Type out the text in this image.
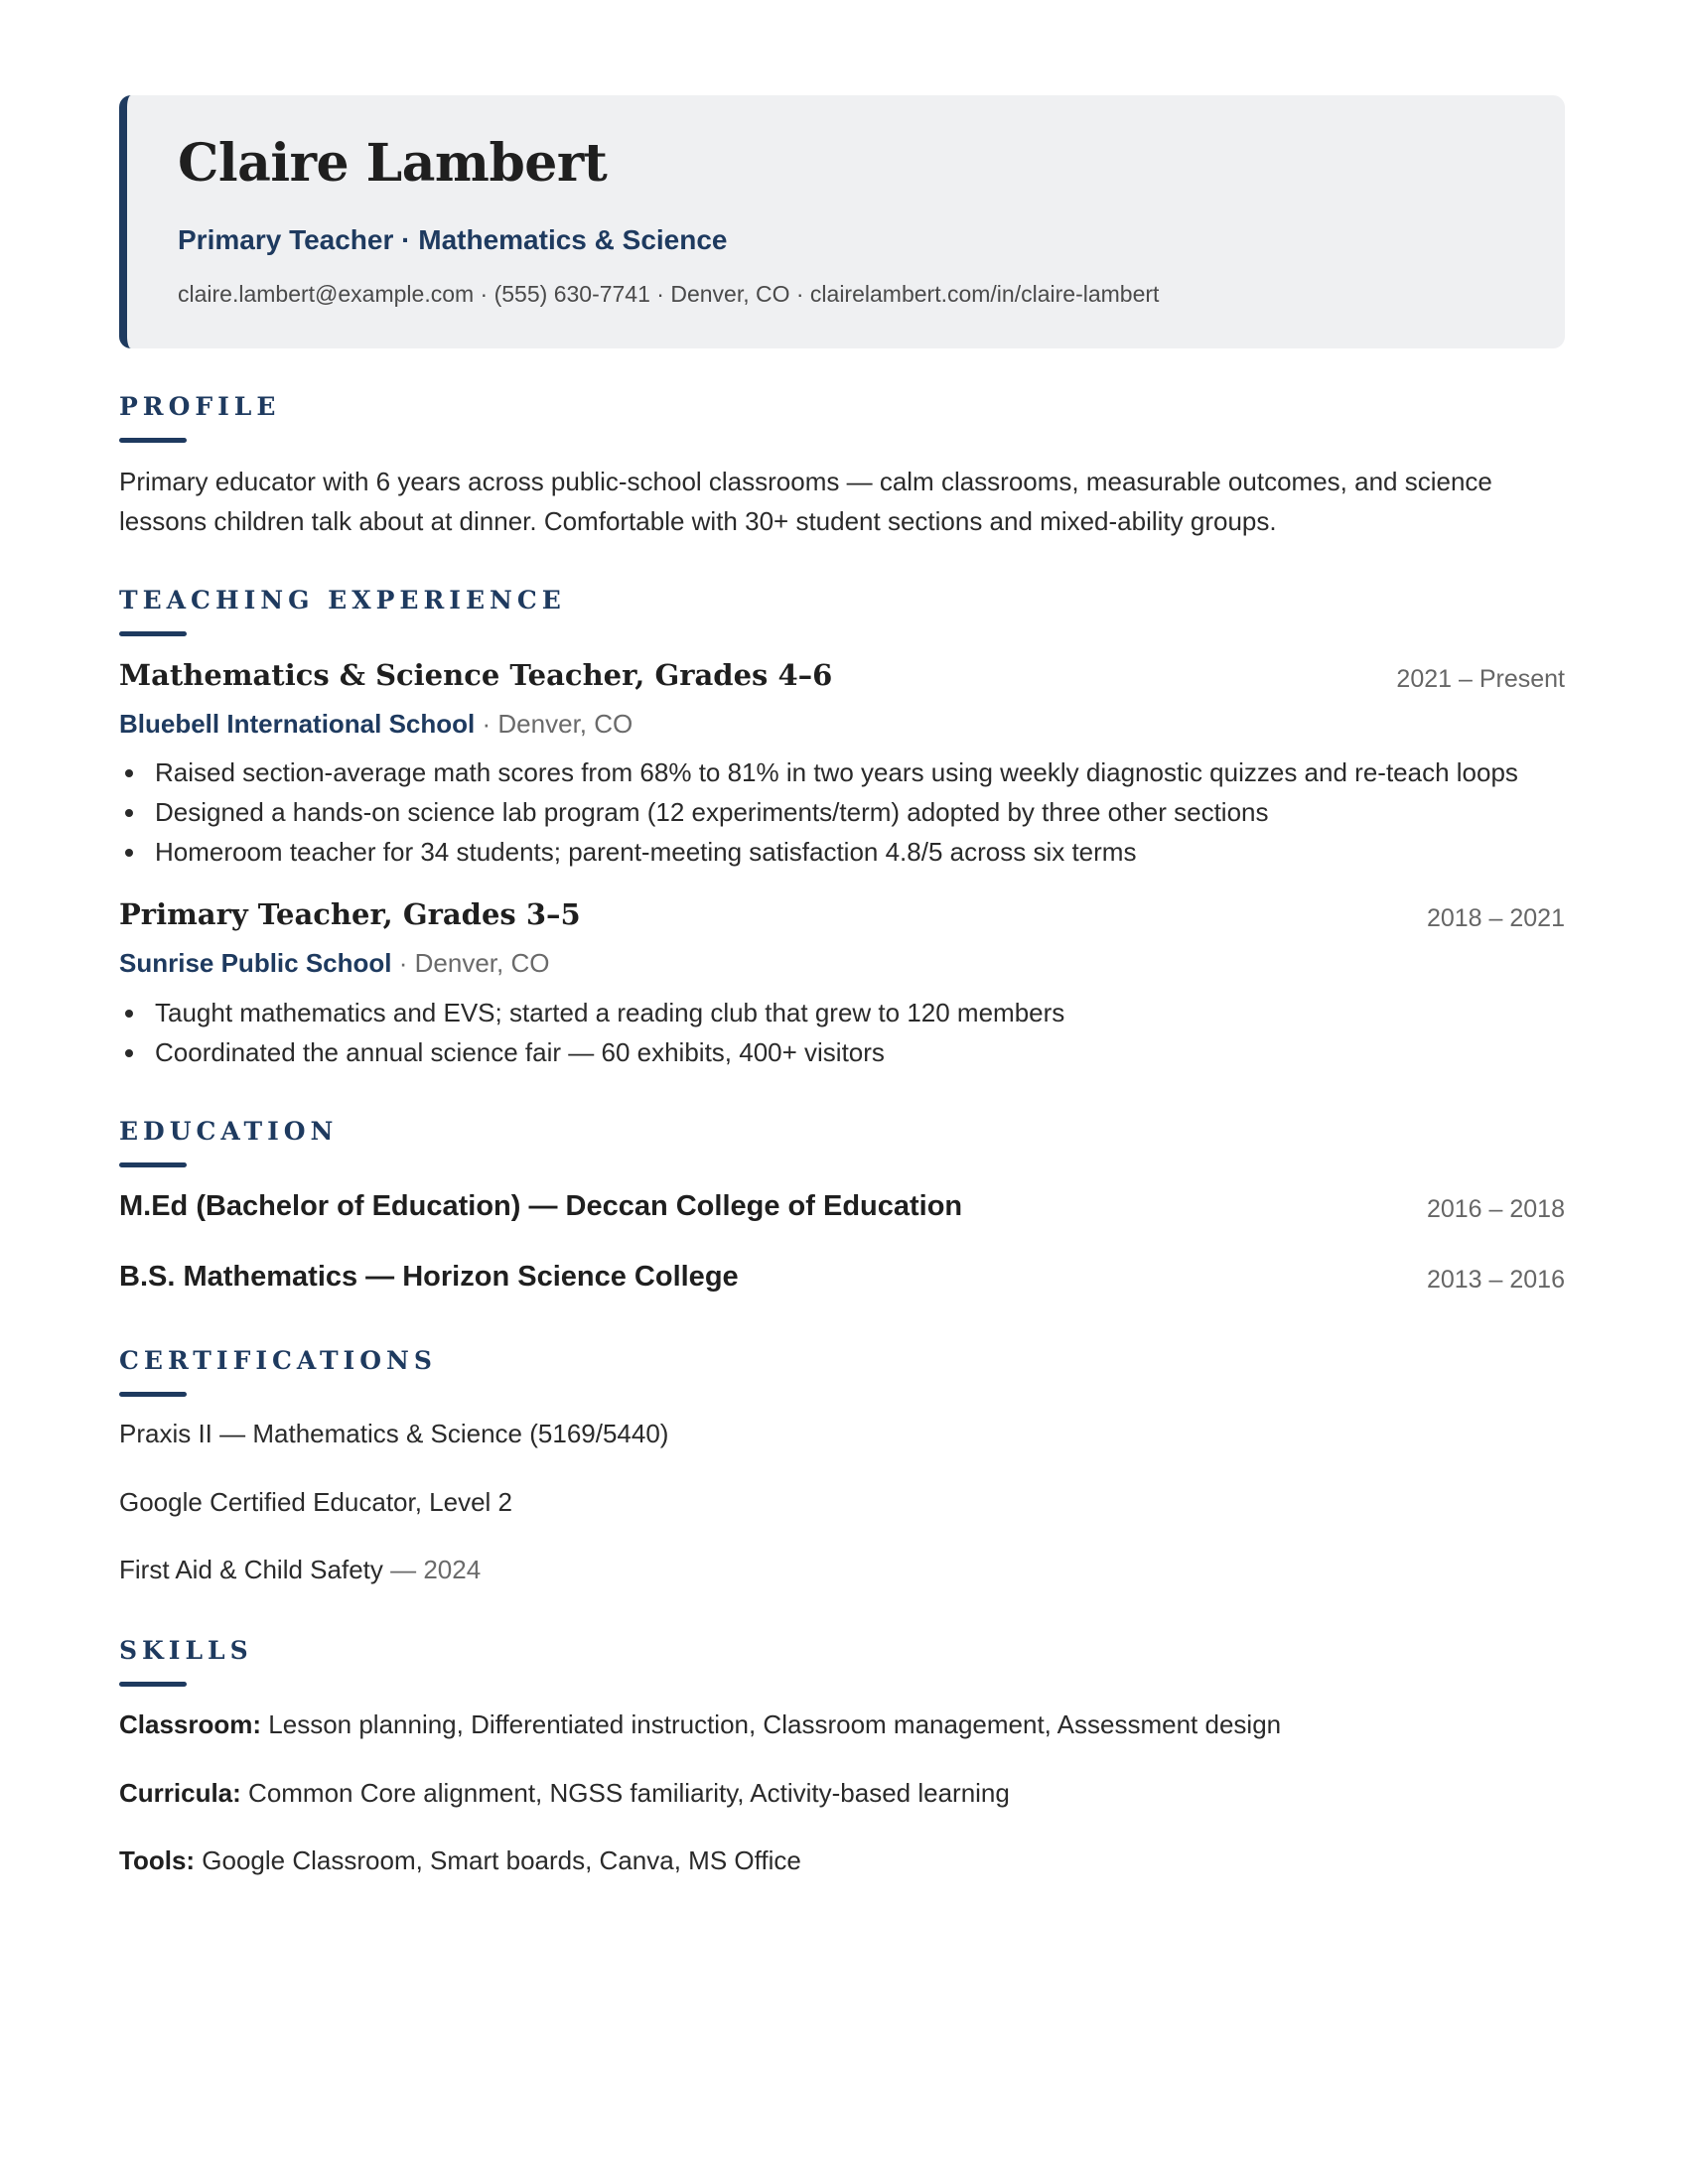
Claire Lambert
Primary Teacher · Mathematics & Science
claire.lambert@example.com · (555) 630-7741 · Denver, CO · clairelambert.com/in/claire-lambert
PROFILE
Primary educator with 6 years across public-school classrooms — calm classrooms, measurable outcomes, and science lessons children talk about at dinner. Comfortable with 30+ student sections and mixed-ability groups.
TEACHING EXPERIENCE
Mathematics & Science Teacher, Grades 4–6	2021 – Present
Bluebell International School · Denver, CO
Raised section-average math scores from 68% to 81% in two years using weekly diagnostic quizzes and re-teach loops
Designed a hands-on science lab program (12 experiments/term) adopted by three other sections
Homeroom teacher for 34 students; parent-meeting satisfaction 4.8/5 across six terms
Primary Teacher, Grades 3–5	2018 – 2021
Sunrise Public School · Denver, CO
Taught mathematics and EVS; started a reading club that grew to 120 members
Coordinated the annual science fair — 60 exhibits, 400+ visitors
EDUCATION
M.Ed (Bachelor of Education) — Deccan College of Education	2016 – 2018
B.S. Mathematics — Horizon Science College	2013 – 2016
CERTIFICATIONS
Praxis II — Mathematics & Science (5169/5440)
Google Certified Educator, Level 2
First Aid & Child Safety — 2024
SKILLS
Classroom: Lesson planning, Differentiated instruction, Classroom management, Assessment design
Curricula: Common Core alignment, NGSS familiarity, Activity-based learning
Tools: Google Classroom, Smart boards, Canva, MS Office
